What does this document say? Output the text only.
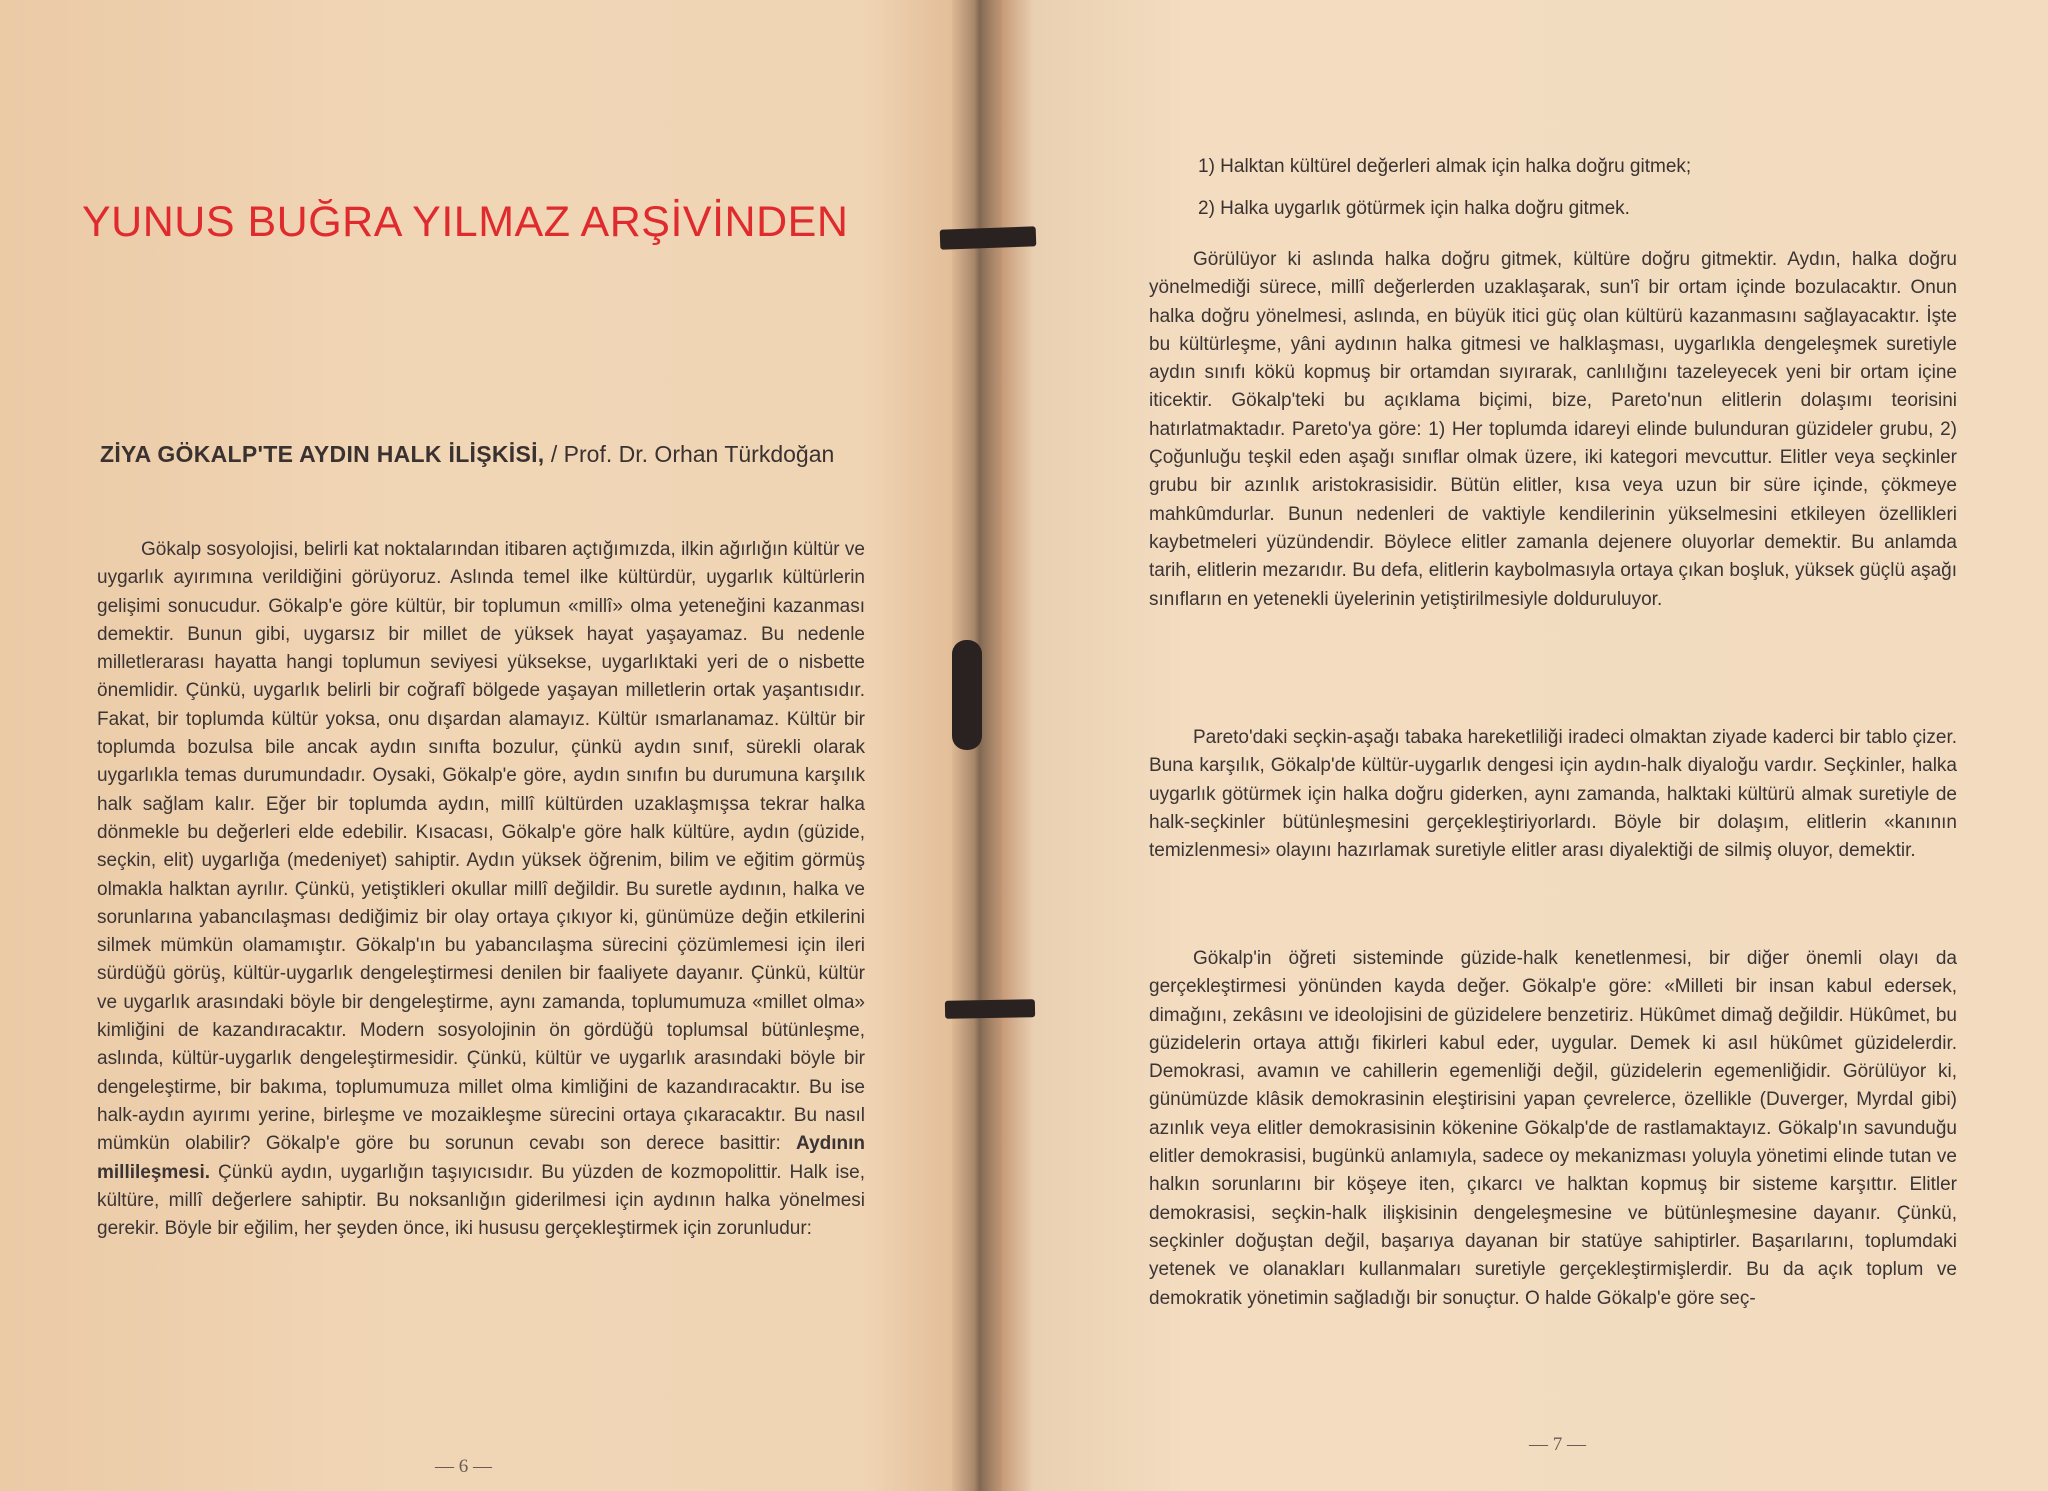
YUNUS BUĞRA YILMAZ ARŞİVİNDEN
ZİYA GÖKALP'TE AYDIN HALK İLİŞKİSİ, / Prof. Dr. Orhan Türkdoğan

Gökalp sosyolojisi, belirli kat noktalarından itibaren açtığımızda, ilkin ağırlığın kültür ve uygarlık ayırımına verildiğini görüyoruz. Aslında temel ilke kültürdür, uygarlık kültürlerin gelişimi sonucudur. Gökalp'e göre kültür, bir toplumun «millî» olma yeteneğini kazanması demektir. Bunun gibi, uygarsız bir millet de yüksek hayat yaşayamaz. Bu nedenle milletlerarası hayatta hangi toplumun seviyesi yüksekse, uygarlıktaki yeri de o nisbette önemlidir. Çünkü, uygarlık belirli bir coğrafî bölgede yaşayan milletlerin ortak yaşantısıdır. Fakat, bir toplumda kültür yoksa, onu dışardan alamayız. Kültür ısmarlanamaz. Kültür bir toplumda bozulsa bile ancak aydın sınıfta bozulur, çünkü aydın sınıf, sürekli olarak uygarlıkla temas durumundadır. Oysaki, Gökalp'e göre, aydın sınıfın bu durumuna karşılık halk sağlam kalır. Eğer bir toplumda aydın, millî kültürden uzaklaşmışsa tekrar halka dönmekle bu değerleri elde edebilir. Kısacası, Gökalp'e göre halk kültüre, aydın (güzide, seçkin, elit) uygarlığa (medeniyet) sahiptir. Aydın yüksek öğrenim, bilim ve eğitim görmüş olmakla halktan ayrılır. Çünkü, yetiştikleri okullar millî değildir. Bu suretle aydının, halka ve sorunlarına yabancılaşması dediğimiz bir olay ortaya çıkıyor ki, günümüze değin etkilerini silmek mümkün olamamıştır. Gökalp'ın bu yabancılaşma sürecini çözümlemesi için ileri sürdüğü görüş, kültür-uygarlık dengeleştirmesi denilen bir faaliyete dayanır. Çünkü, kültür ve uygarlık arasındaki böyle bir dengeleştirme, aynı zamanda, toplumumuza «millet olma» kimliğini de kazandıracaktır. Modern sosyolojinin ön gördüğü toplumsal bütünleşme, aslında, kültür-uygarlık dengeleştirmesidir. Çünkü, kültür ve uygarlık arasındaki böyle bir dengeleştirme, bir bakıma, toplumumuza millet olma kimliğini de kazandıracaktır. Bu ise halk-aydın ayırımı yerine, birleşme ve mozaikleşme sürecini ortaya çıkaracaktır. Bu nasıl mümkün olabilir? Gökalp'e göre bu sorunun cevabı son derece basittir: Aydının millileşmesi. Çünkü aydın, uygarlığın taşıyıcısıdır. Bu yüzden de kozmopolittir. Halk ise, kültüre, millî değerlere sahiptir. Bu noksanlığın giderilmesi için aydının halka yönelmesi gerekir. Böyle bir eğilim, her şeyden önce, iki hususu gerçekleştirmek için zorunludur:

— 6 —
1) Halktan kültürel değerleri almak için halka doğru gitmek;
2) Halka uygarlık götürmek için halka doğru gitmek.

Görülüyor ki aslında halka doğru gitmek, kültüre doğru gitmektir. Aydın, halka doğru yönelmediği sürece, millî değerlerden uzaklaşarak, sun'î bir ortam içinde bozulacaktır. Onun halka doğru yönelmesi, aslında, en büyük itici güç olan kültürü kazanmasını sağlayacaktır. İşte bu kültürleşme, yâni aydının halka gitmesi ve halklaşması, uygarlıkla dengeleşmek suretiyle aydın sınıfı kökü kopmuş bir ortamdan sıyırarak, canlılığını tazeleyecek yeni bir ortam içine iticektir. Gökalp'teki bu açıklama biçimi, bize, Pareto'nun elitlerin dolaşımı teorisini hatırlatmaktadır. Pareto'ya göre: 1) Her toplumda idareyi elinde bulunduran güzideler grubu, 2) Çoğunluğu teşkil eden aşağı sınıflar olmak üzere, iki kategori mevcuttur. Elitler veya seçkinler grubu bir azınlık aristokrasisidir. Bütün elitler, kısa veya uzun bir süre içinde, çökmeye mahkûmdurlar. Bunun nedenleri de vaktiyle kendilerinin yükselmesini etkileyen özellikleri kaybetmeleri yüzündendir. Böylece elitler zamanla dejenere oluyorlar demektir. Bu anlamda tarih, elitlerin mezarıdır. Bu defa, elitlerin kaybolmasıyla ortaya çıkan boşluk, yüksek güçlü aşağı sınıfların en yetenekli üyelerinin yetiştirilmesiyle dolduruluyor.

Pareto'daki seçkin-aşağı tabaka hareketliliği iradeci olmaktan ziyade kaderci bir tablo çizer. Buna karşılık, Gökalp'de kültür-uygarlık dengesi için aydın-halk diyaloğu vardır. Seçkinler, halka uygarlık götürmek için halka doğru giderken, aynı zamanda, halktaki kültürü almak suretiyle de halk-seçkinler bütünleşmesini gerçekleştiriyorlardı. Böyle bir dolaşım, elitlerin «kanının temizlenmesi» olayını hazırlamak suretiyle elitler arası diyalektiği de silmiş oluyor, demektir.

Gökalp'in öğreti sisteminde güzide-halk kenetlenmesi, bir diğer önemli olayı da gerçekleştirmesi yönünden kayda değer. Gökalp'e göre: «Milleti bir insan kabul edersek, dimağını, zekâsını ve ideolojisini de güzidelere benzetiriz. Hükûmet dimağ değildir. Hükûmet, bu güzidelerin ortaya attığı fikirleri kabul eder, uygular. Demek ki asıl hükûmet güzidelerdir. Demokrasi, avamın ve cahillerin egemenliği değil, güzidelerin egemenliğidir. Görülüyor ki, günümüzde klâsik demokrasinin eleştirisini yapan çevrelerce, özellikle (Duverger, Myrdal gibi) azınlık veya elitler demokrasisinin kökenine Gökalp'de de rastlamaktayız. Gökalp'ın savunduğu elitler demokrasisi, bugünkü anlamıyla, sadece oy mekanizması yoluyla yönetimi elinde tutan ve halkın sorunlarını bir köşeye iten, çıkarcı ve halktan kopmuş bir sisteme karşıttır. Elitler demokrasisi, seçkin-halk ilişkisinin dengeleşmesine ve bütünleşmesine dayanır. Çünkü, seçkinler doğuştan değil, başarıya dayanan bir statüye sahiptirler. Başarılarını, toplumdaki yetenek ve olanakları kullanmaları suretiyle gerçekleştirmişlerdir. Bu da açık toplum ve demokratik yönetimin sağladığı bir sonuçtur. O halde Gökalp'e göre seç-

— 7 —
